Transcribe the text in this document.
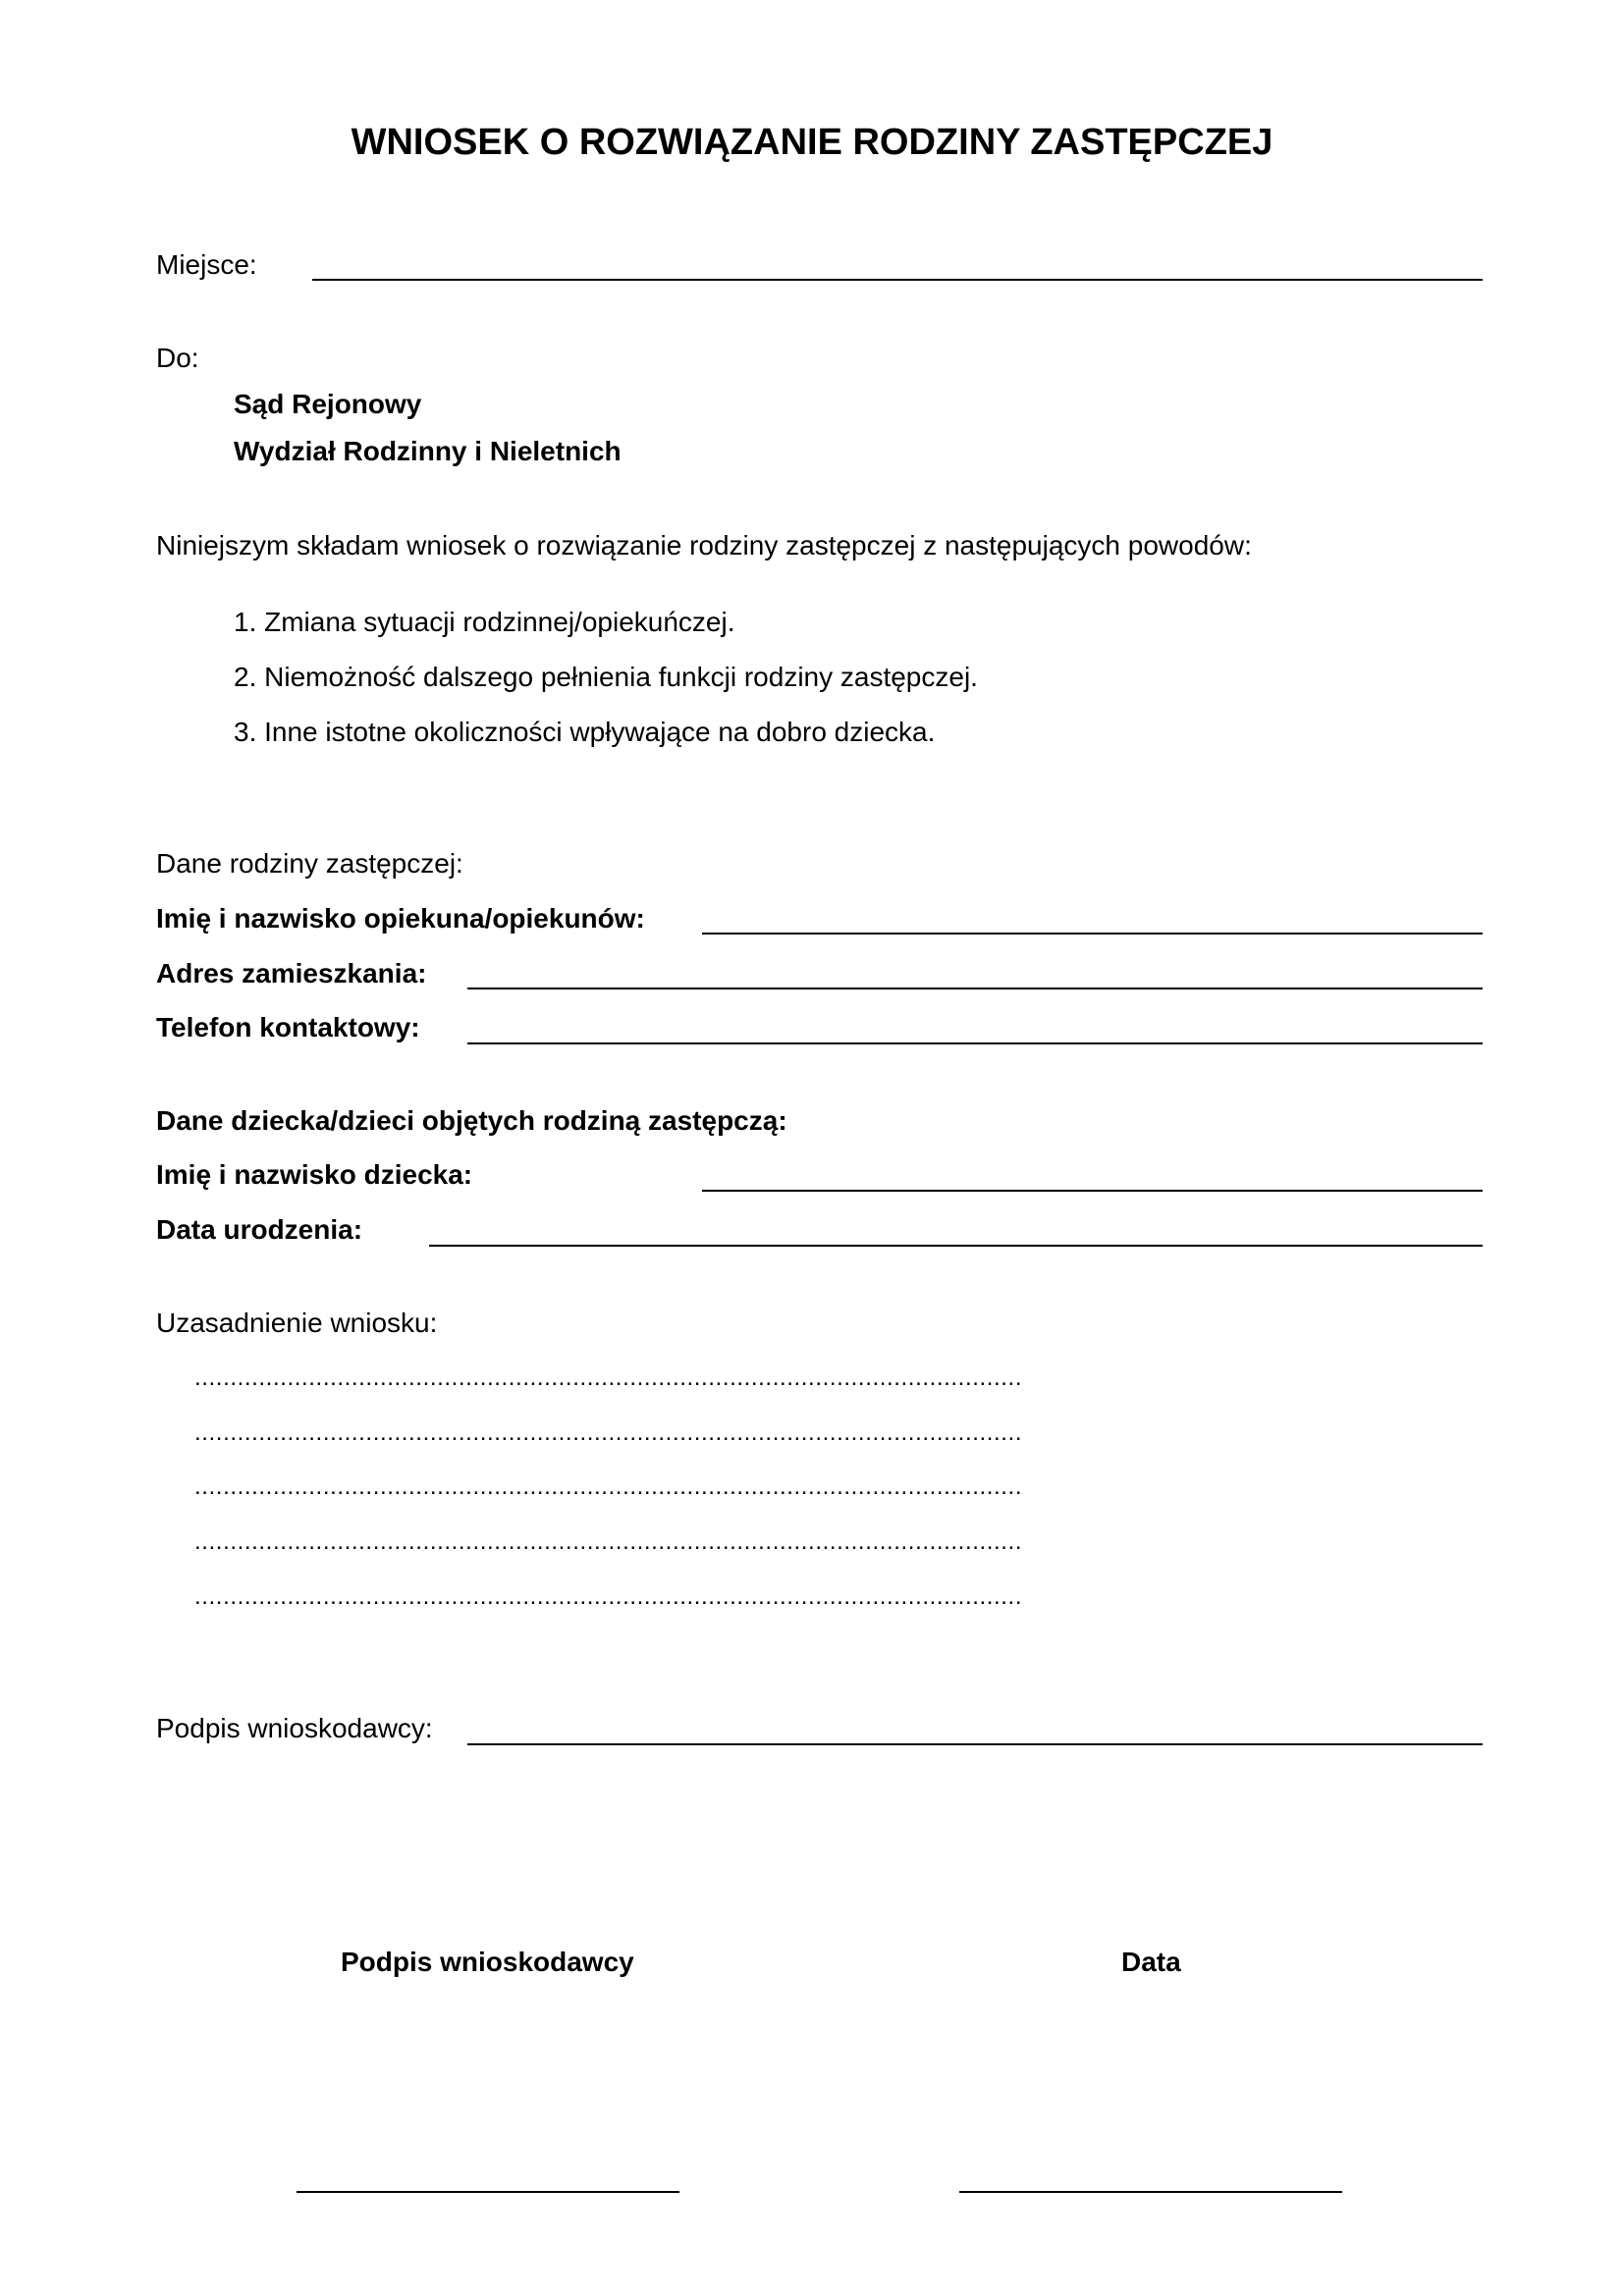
WNIOSEK O ROZWIĄZANIE RODZINY ZASTĘPCZEJ
Miejsce:
Do:
Sąd Rejonowy
Wydział Rodzinny i Nieletnich
Niniejszym składam wniosek o rozwiązanie rodziny zastępczej z następujących powodów:
1. Zmiana sytuacji rodzinnej/opiekuńczej.
2. Niemożność dalszego pełnienia funkcji rodziny zastępczej.
3. Inne istotne okoliczności wpływające na dobro dziecka.
Dane rodziny zastępczej:
Imię i nazwisko opiekuna/opiekunów:
Adres zamieszkania:
Telefon kontaktowy:
Dane dziecka/dzieci objętych rodziną zastępczą:
Imię i nazwisko dziecka:
Data urodzenia:
Uzasadnienie wniosku:
....................................................................................................................
....................................................................................................................
....................................................................................................................
....................................................................................................................
....................................................................................................................
Podpis wnioskodawcy:
Podpis wnioskodawcy	Data
